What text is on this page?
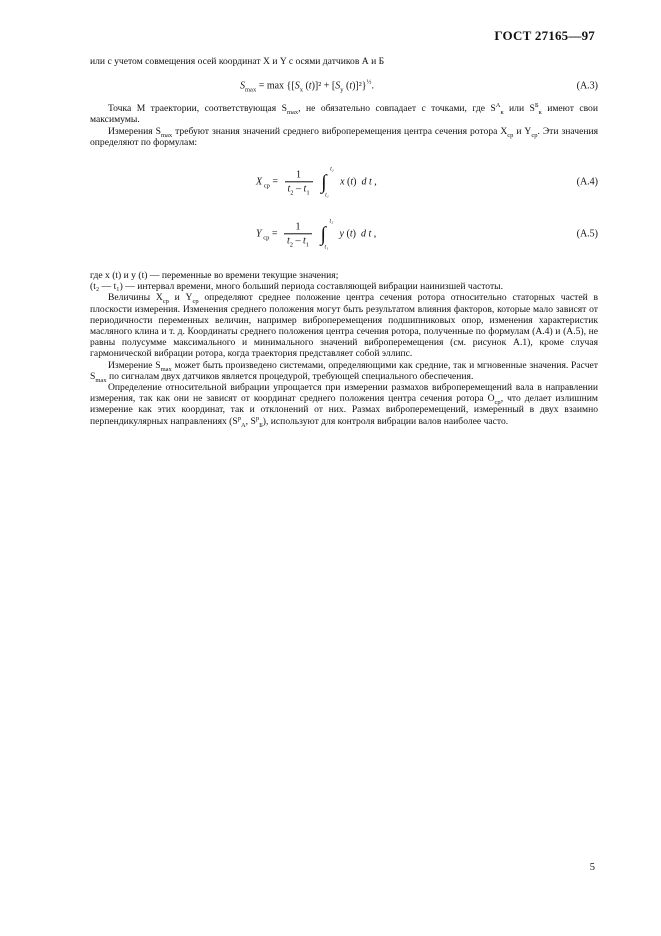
ГОСТ 27165—97

или с учетом совмещения осей координат X и Y с осями датчиков А и Б

$S_{max} = \max \{[S_x$ $(t)]^2 + [S_y$ (t)]²}$^{\frac{1}{2}}$.	(А.3)

Точка М траектории, соответствующая $S_{max}$, не обязательно совпадает с точками, где $S^A_к$ или $S^Б_к$ имеют свои максимумы.

Измерения $S_{max}$ требуют знания значений среднего виброперемещения центра сечения ротора $X_{ср}$ и $Y_{ср}$. Эти значения определяют по формулам:

X $_{ср} = \frac{1}{t_2 - t_1}$ ∫
t₂
t₁
x (t)  d t ,	(А.4)
Y $_{ср} = \frac{1}{t_2 - t_1}$ ∫
t₂
t₁
y (t)  d t ,	(А.5)

где x (t) и y (t) — переменные во времени текущие значения;

(t₂ — t₁) — интервал времени, много больший периода составляющей вибрации наинизшей частоты.

Величины $X_{ср}$ и $Y_{ср}$ определяют среднее положение центра сечения ротора относительно статорных частей в плоскости измерения. Изменения среднего положения могут быть результатом влияния факторов, которые мало зависят от периодичности переменных величин, например виброперемещения подшипниковых опор, изменения характеристик масляного клина и т. д. Координаты среднего положения центра сечения ротора, полученные по формулам (А.4) и (А.5), не равны полусумме максимального и минимального значений виброперемещения (см. рисунок А.1), кроме случая гармонической вибрации ротора, когда траектория представляет собой эллипс.

Измерение $S_{max}$ может быть произведено системами, определяющими как средние, так и мгновенные значения. Расчет $S_{max}$ по сигналам двух датчиков является процедурой, требующей специального обеспечения.

Определение относительной вибрации упрощается при измерении размахов виброперемещений вала в направлении измерения, так как они не зависят от координат среднего положения центра сечения ротора $O_{ср}$, что делает излишним измерение как этих координат, так и отклонений от них. Размах виброперемещений, измеренный в двух взаимно перпендикулярных направлениях ($S^р_A$, $S^р_Б$), используют для контроля вибрации валов наиболее часто.

5
